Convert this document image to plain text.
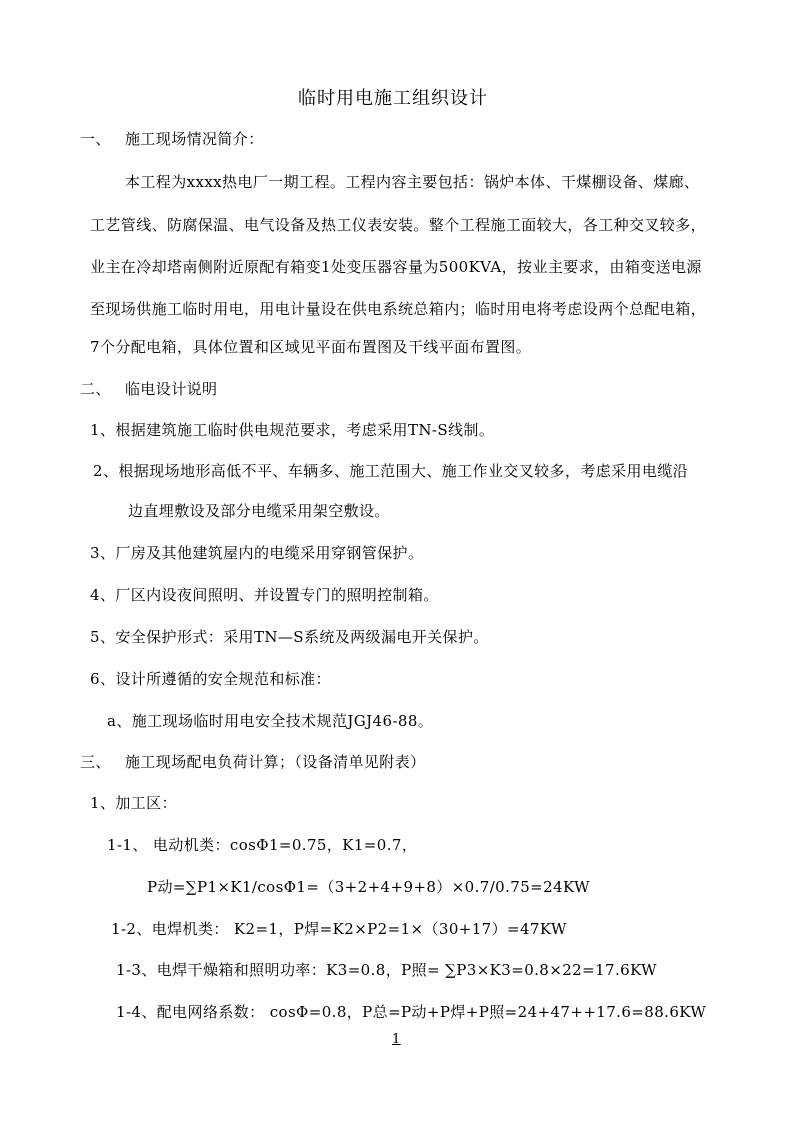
临时用电施工组织设计
一、 施工现场情况简介：
本工程为xxxx热电厂一期工程。工程内容主要包括：锅炉本体、干煤棚设备、煤廊、
工艺管线、防腐保温、电气设备及热工仪表安装。整个工程施工面较大，各工种交叉较多，
业主在冷却塔南侧附近原配有箱变1处变压器容量为500KVA，按业主要求，由箱变送电源
至现场供施工临时用电，用电计量设在供电系统总箱内；临时用电将考虑设两个总配电箱，
7个分配电箱，具体位置和区域见平面布置图及干线平面布置图。
二、 临电设计说明
1、根据建筑施工临时供电规范要求，考虑采用TN-S线制。
2、根据现场地形高低不平、车辆多、施工范围大、施工作业交叉较多，考虑采用电缆沿
边直埋敷设及部分电缆采用架空敷设。
3、厂房及其他建筑屋内的电缆采用穿钢管保护。
4、厂区内设夜间照明、并设置专门的照明控制箱。
5、安全保护形式：采用TN—S系统及两级漏电开关保护。
6、设计所遵循的安全规范和标准：
a、施工现场临时用电安全技术规范JGJ46-88。
三、 施工现场配电负荷计算；（设备清单见附表）
1、加工区：
1-1、 电动机类：cosΦ1=0.75，K1=0.7，
P动=∑P1×K1/cosΦ1=（3+2+4+9+8）×0.7/0.75=24KW
1-2、电焊机类： K2=1，P焊=K2×P2=1×（30+17）=47KW
1-3、电焊干燥箱和照明功率：K3=0.8，P照= ∑P3×K3=0.8×22=17.6KW
1-4、配电网络系数： cosΦ=0.8，P总=P动+P焊+P照=24+47++17.6=88.6KW
1
